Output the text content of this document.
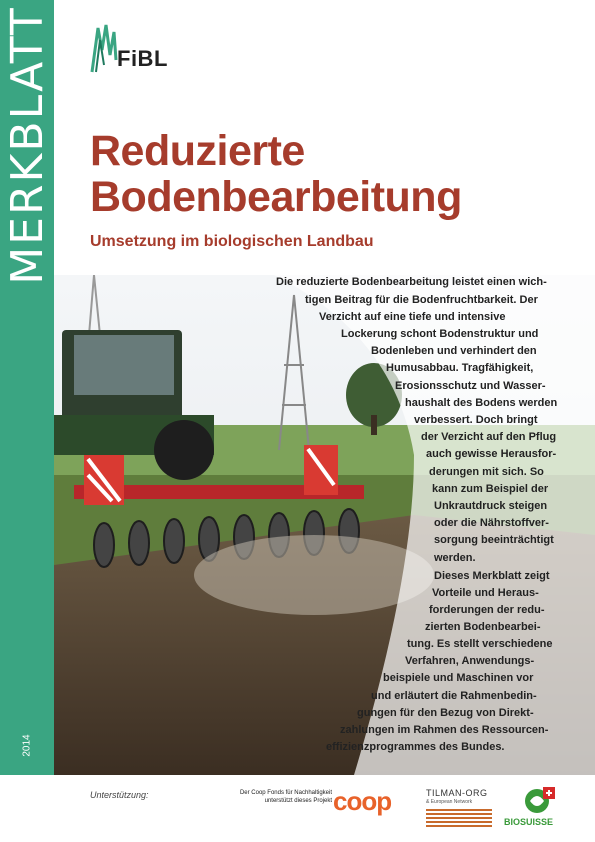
MERKBLATT
2014
FiBL
Reduzierte
Bodenbearbeitung
Umsetzung im biologischen Landbau
Die reduzierte Bodenbearbeitung leistet einen wich-
tigen Beitrag für die Bodenfruchtbarkeit. Der
Verzicht auf eine tiefe und intensive
Lockerung schont Bodenstruktur und
Bodenleben und verhindert den
Humusabbau. Tragfähigkeit,
Erosionsschutz und Wasser-
haushalt des Bodens werden
verbessert. Doch bringt
der Verzicht auf den Pflug
auch gewisse Herausfor-
derungen mit sich. So
kann zum Beispiel der
Unkrautdruck steigen
oder die Nährstoffver-
sorgung beeinträchtigt
werden.
Dieses Merkblatt zeigt
Vorteile und Heraus-
forderungen der redu-
zierten Bodenbearbei-
tung. Es stellt verschiedene
Verfahren, Anwendungs-
beispiele und Maschinen vor
und erläutert die Rahmenbedin-
gungen für den Bezug von Direkt-
zahlungen im Rahmen des Ressourcen-
effizienzprogrammes des Bundes.
Unterstützung:	Der Coop Fonds für Nachhaltigkeit
unterstützt dieses Projekt coop	TILMAN-ORG
& European Network
BIOSUISSE
